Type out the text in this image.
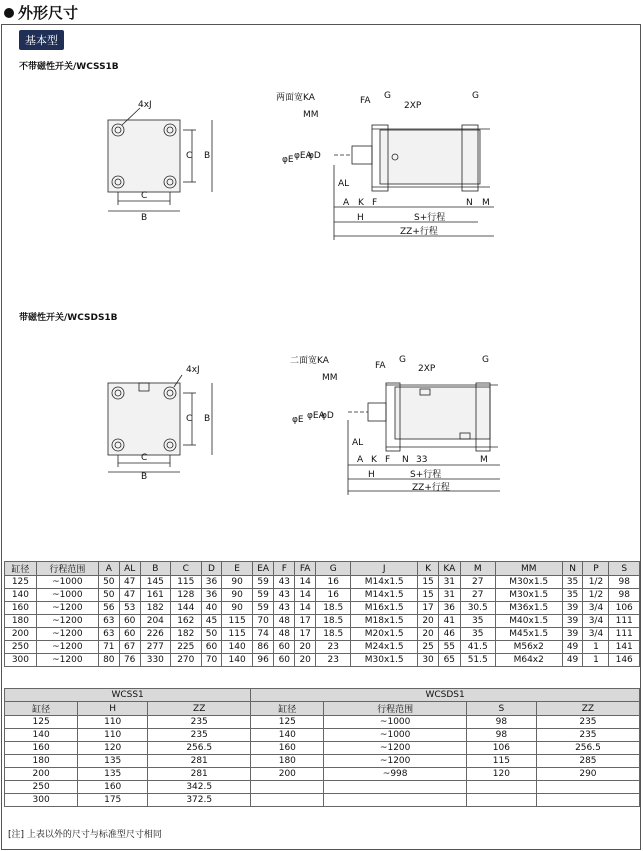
外形尺寸
基本型
不带磁性开关/WCSS1B
带磁性开关/WCSDS1B
4xJ
C
B
C B
两面宽KA
MM
FA G
2XP
G
φE φEA
φD
AL
A K F	N M
H	S+行程
ZZ+行程
4xJ
C
B
C B
二面宽KA
MM
FA
G
2XP
G
φE φEA
φD
AL
A K F N 33	M
H	S+行程
ZZ+行程
缸径	行程范围	A	AL	B	C	D	E	EA	F	FA	G	J	K	KA	M	MM	N	P	S
125	~1000	50	47	145	115	36	90	59	43	14	16	M14x1.5	15	31	27	M30x1.5	35	1/2	98
140	~1000	50	47	161	128	36	90	59	43	14	16	M14x1.5	15	31	27	M30x1.5	35	1/2	98
160	~1200	56	53	182	144	40	90	59	43	14	18.5	M16x1.5	17	36	30.5	M36x1.5	39	3/4	106
180	~1200	63	60	204	162	45	115	70	48	17	18.5	M18x1.5	20	41	35	M40x1.5	39	3/4	111
200	~1200	63	60	226	182	50	115	74	48	17	18.5	M20x1.5	20	46	35	M45x1.5	39	3/4	111
250	~1200	71	67	277	225	60	140	86	60	20	23	M24x1.5	25	55	41.5	M56x2	49	1	141
300	~1200	80	76	330	270	70	140	96	60	20	23	M30x1.5	30	65	51.5	M64x2	49	1	146
WCSS1			WCSDS1			
缸径	H	ZZ	缸径	行程范围	S	ZZ
125	110	235	125	~1000	98	235
140	110	235	140	~1000	98	235
160	120	256.5	160	~1200	106	256.5
180	135	281	180	~1200	115	285
200	135	281	200	~998	120	290
250	160	342.5				
300	175	372.5				
[注] 上表以外的尺寸与标准型尺寸相同
